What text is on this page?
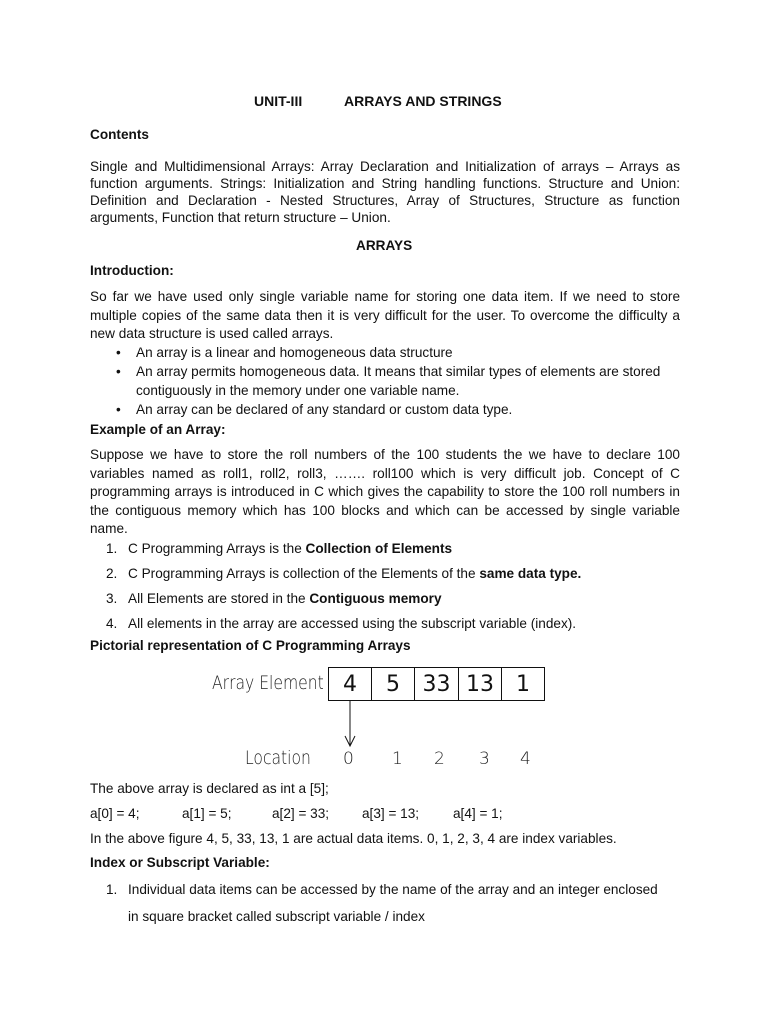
UNIT-III	ARRAYS AND STRINGS
Contents
Single and Multidimensional Arrays: Array Declaration and Initialization of arrays – Arrays as function arguments. Strings: Initialization and String handling functions. Structure and Union: Definition and Declaration - Nested Structures, Array of Structures, Structure as function arguments, Function that return structure – Union.
ARRAYS
Introduction:
So far we have used only single variable name for storing one data item. If we need to store multiple copies of the same data then it is very difficult for the user. To overcome the difficulty a new data structure is used called arrays.
• An array is a linear and homogeneous data structure
• An array permits homogeneous data. It means that similar types of elements are stored contiguously in the memory under one variable name.
• An array can be declared of any standard or custom data type.
Example of an Array:
Suppose we have to store the roll numbers of the 100 students the we have to declare 100 variables named as roll1, roll2, roll3, ……. roll100 which is very difficult job. Concept of C programming arrays is introduced in C which gives the capability to store the 100 roll numbers in the contiguous memory which has 100 blocks and which can be accessed by single variable name.
1. C Programming Arrays is the Collection of Elements
2. C Programming Arrays is collection of the Elements of the same data type.
3. All Elements are stored in the Contiguous memory
4. All elements in the array are accessed using the subscript variable (index).
Pictorial representation of C Programming Arrays
Array Element 4	5	33 13	1
Location 0 1 2 3 4
The above array is declared as int a [5];
a[0] = 4;	a[1] = 5;	a[2] = 33; a[3] = 13; a[4] = 1;
In the above figure 4, 5, 33, 13, 1 are actual data items. 0, 1, 2, 3, 4 are index variables.
Index or Subscript Variable:
1. Individual data items can be accessed by the name of the array and an integer enclosed
in square bracket called subscript variable / index
